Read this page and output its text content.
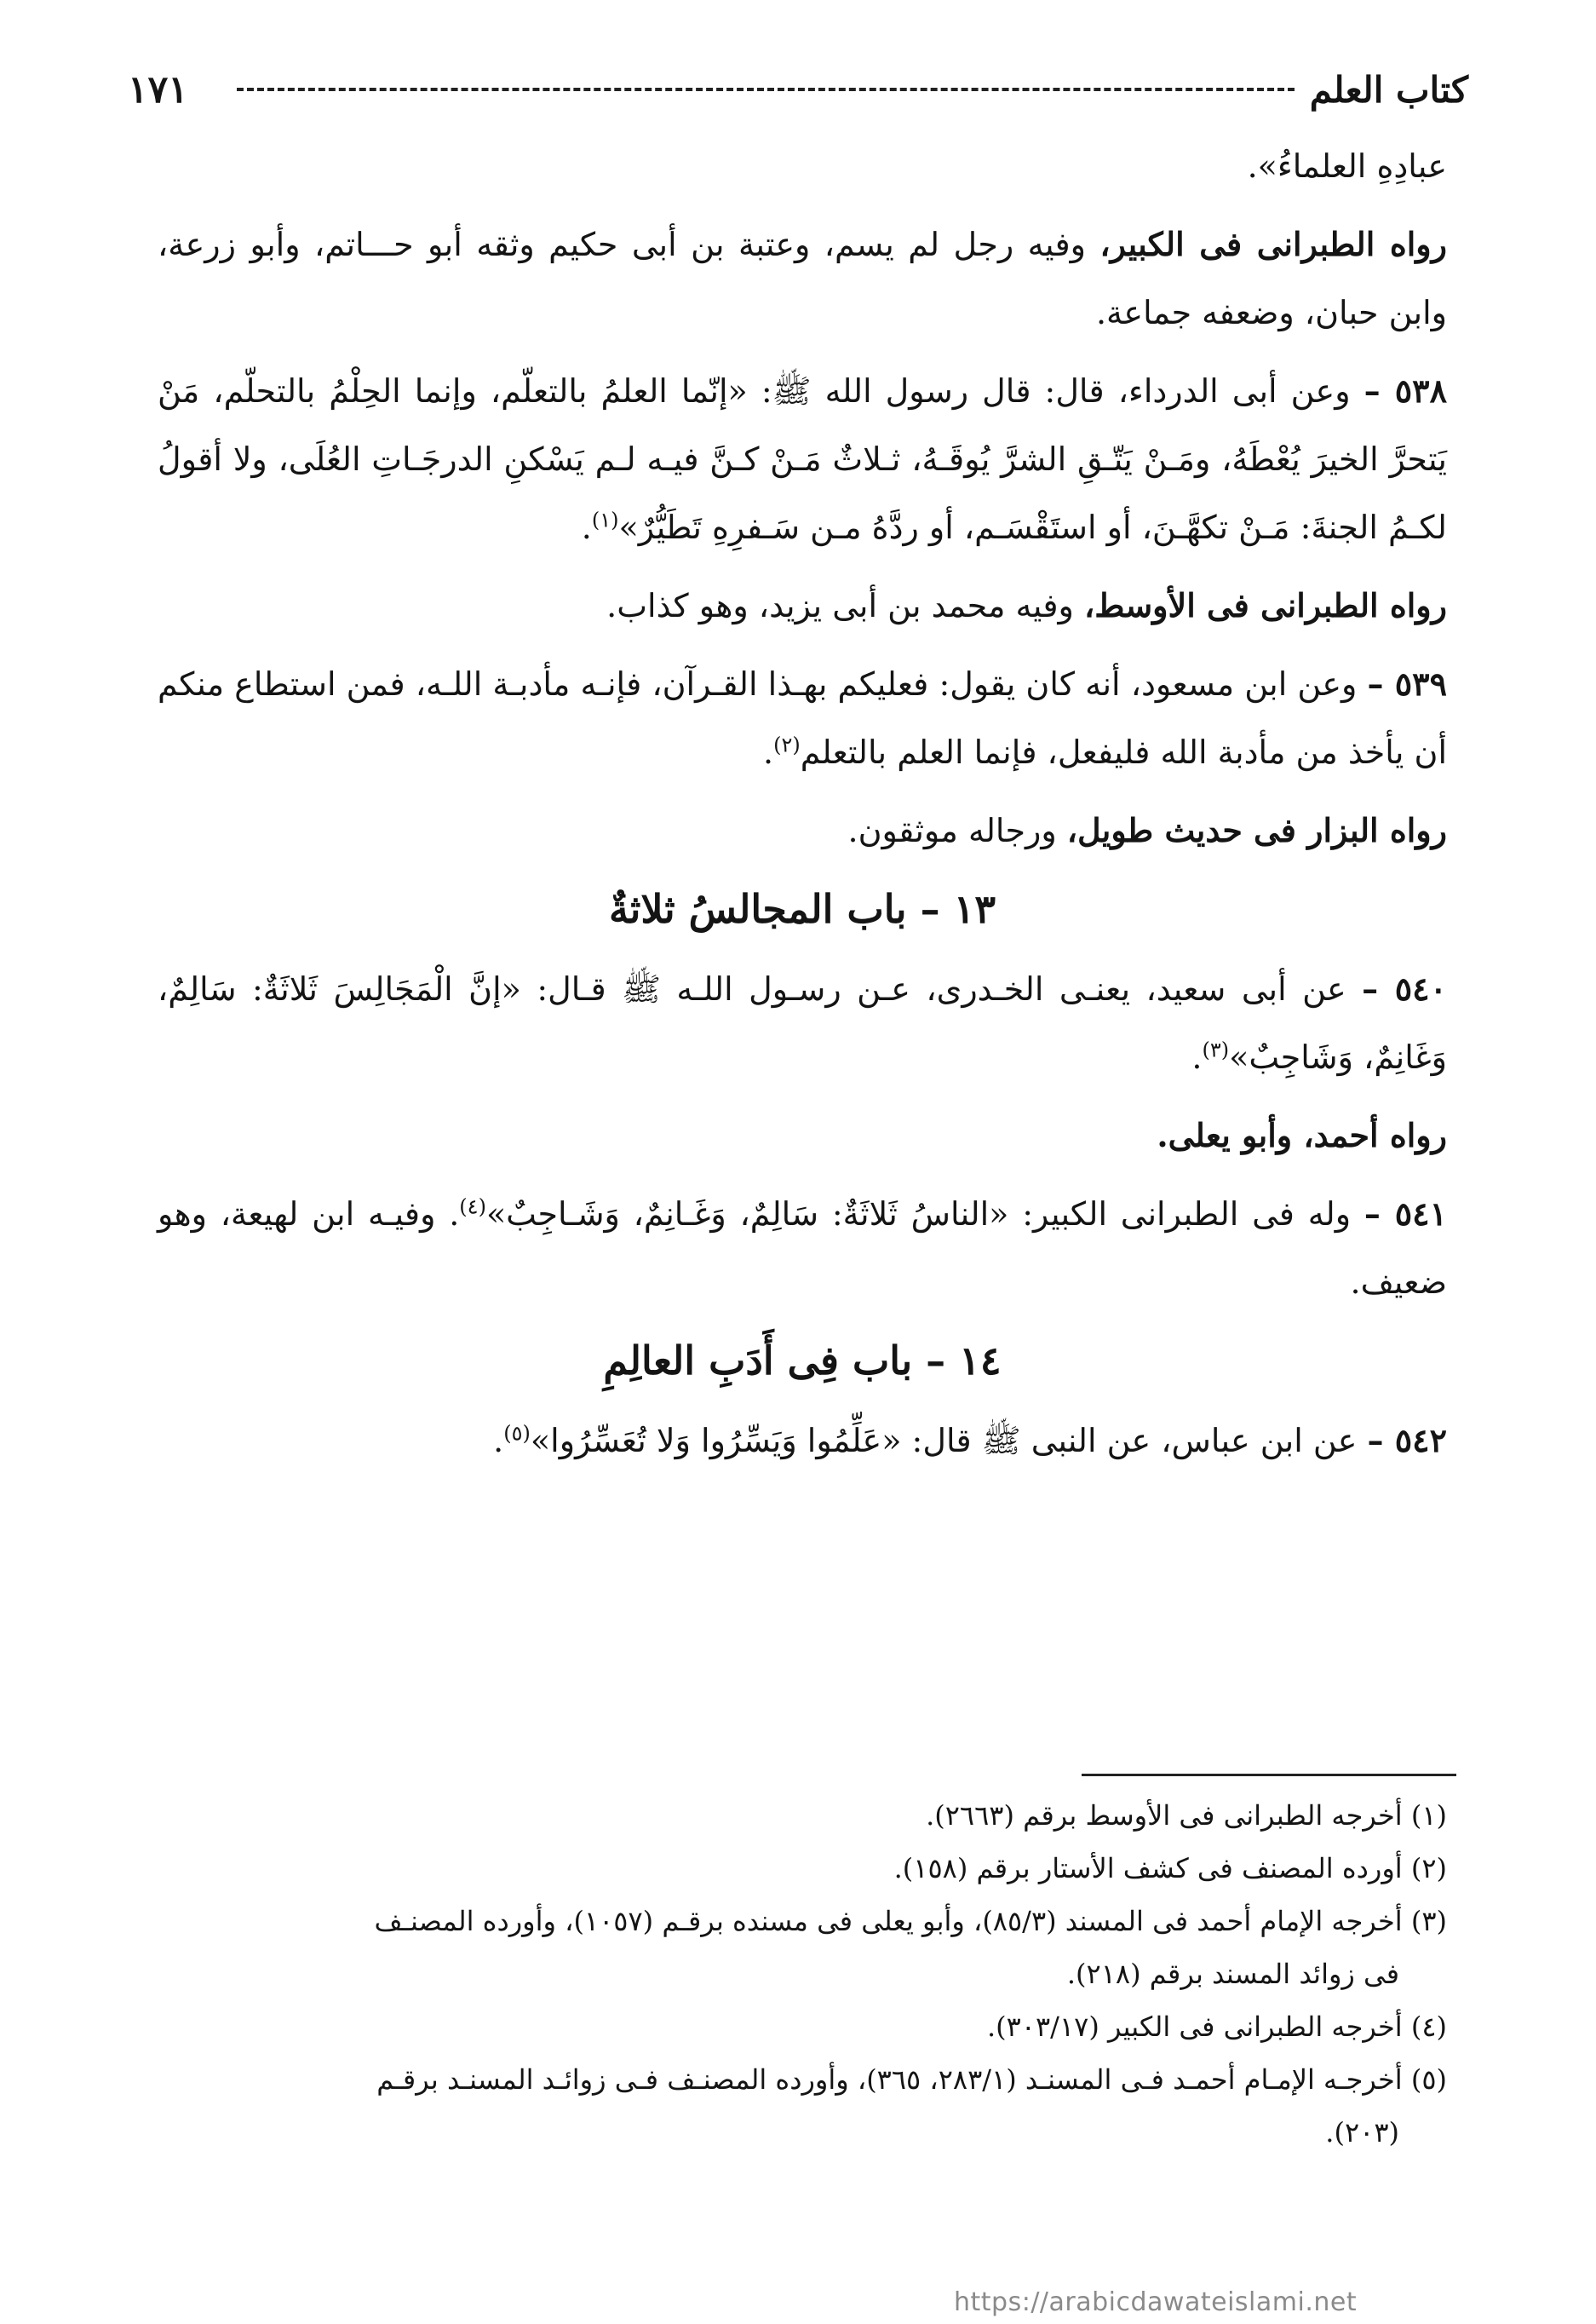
١٧١	كتاب العلم

عبادِهِ العلماءُ».

رواه الطبرانى فى الكبير، وفيه رجل لم يسم، وعتبة بن أبى حكيم وثقه أبو حـــاتم، وأبو زرعة، وابن حبان، وضعفه جماعة.

٥٣٨ – وعن أبى الدرداء، قال: قال رسول الله ﷺ: «إنّما العلمُ بالتعلّم، وإنما الحِلْمُ بالتحلّم، مَنْ يَتحرَّ الخيرَ يُعْطَهُ، ومَـنْ يَتّـقِ الشرَّ يُوقَـهُ، ثـلاثٌ مَـنْ كـنَّ فيـه لـم يَسْكنِ الدرجَـاتِ العُلَى، ولا أقولُ لكـمُ الجنةَ: مَـنْ تكهَّـنَ، أو استَقْسَـم، أو ردَّهُ مـن سَـفرِهِ تَطَيُّرٌ»$^{(١)}$.

رواه الطبرانى فى الأوسط، وفيه محمد بن أبى يزيد، وهو كذاب.

٥٣٩ – وعن ابن مسعود، أنه كان يقول: فعليكم بهـذا القـرآن، فإنـه مأدبـة اللـه، فمن استطاع منكم أن يأخذ من مأدبة الله فليفعل، فإنما العلم بالتعلم$^{(٢)}$.

رواه البزار فى حديث طويل، ورجاله موثقون.

١٣ – باب المجالسُ ثلاثةٌ

٥٤٠ – عن أبى سعيد، يعنـى الخـدرى، عـن رسـول اللـه ﷺ قـال: «إنَّ الْمَجَالِسَ ثَلاثَةٌ: سَالِمٌ، وَغَانِمٌ، وَشَاجِبٌ»$^{(٣)}$.

رواه أحمد، وأبو يعلى.

٥٤١ – وله فى الطبرانى الكبير: «الناسُ ثَلاثَةٌ: سَالِمٌ، وَغَـانِمٌ، وَشَـاجِبٌ»$^{(٤)}$. وفيـه ابن لهيعة، وهو ضعيف.

١٤ – باب فِى أَدَبِ العالِمِ

٥٤٢ – عن ابن عباس، عن النبى ﷺ قال: «عَلِّمُوا وَيَسِّرُوا وَلا تُعَسِّرُوا»$^{(٥)}$.

(١) أخرجه الطبرانى فى الأوسط برقم (٢٦٦٣).

(٢) أورده المصنف فى كشف الأستار برقم (١٥٨).

(٣) أخرجه الإمام أحمد فى المسند (٨٥/٣)، وأبو يعلى فى مسنده برقـم (١٠٥٧)، وأورده المصنـف
فى زوائد المسند برقم (٢١٨).

(٤) أخرجه الطبرانى فى الكبير (٣٠٣/١٧).

(٥) أخرجـه الإمـام أحمـد فـى المسنـد (٢٨٣/١، ٣٦٥)، وأورده المصنـف فـى زوائـد المسنـد برقـم
(٢٠٣).

https://arabicdawateislami.net
